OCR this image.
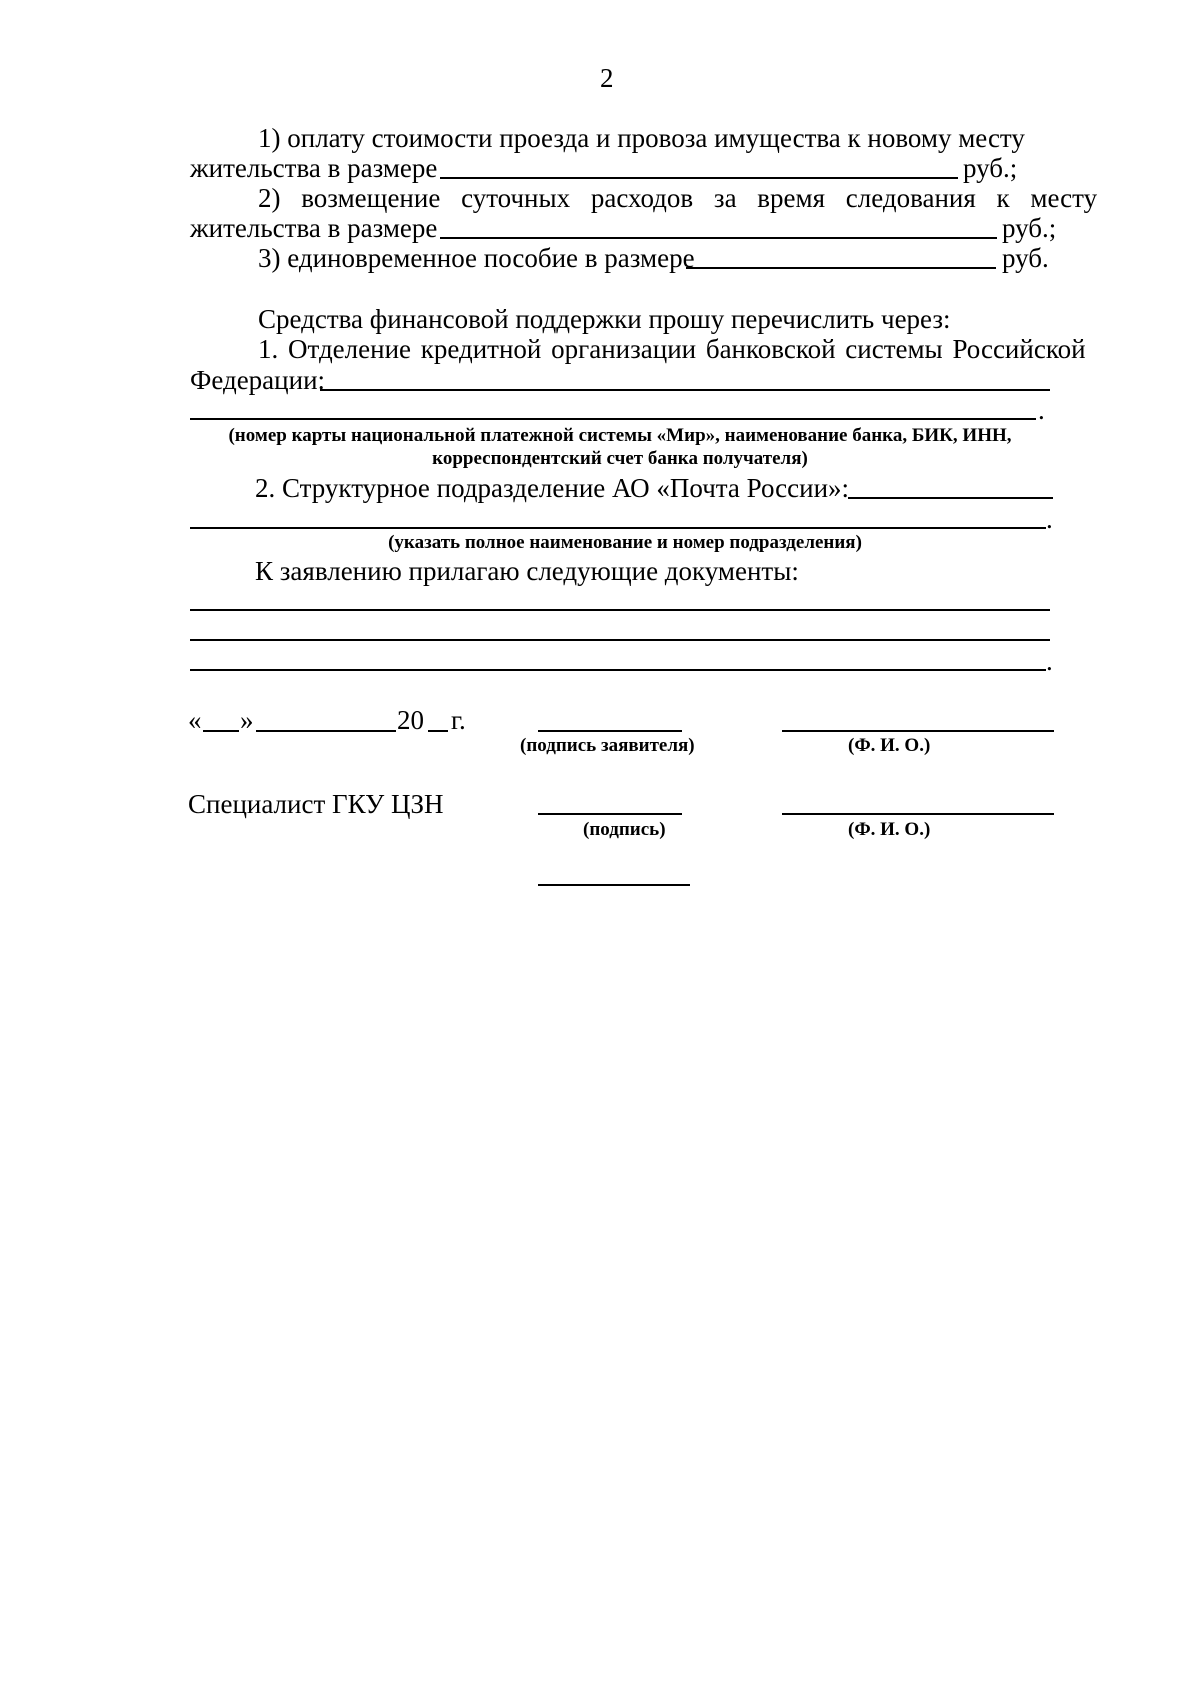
2
1) оплату стоимости проезда и провоза имущества к новому месту
жительства в размере	руб.;
2) возмещение суточных расходов за время следования к месту
жительства в размере	руб.;
3) единовременное пособие в размере	руб.
Средства финансовой поддержки прошу перечислить через:
1. Отделение кредитной организации банковской системы Российской
Федерации:
.
(номер карты национальной платежной системы «Мир», наименование банка, БИК, ИНН,
корреспондентский счет банка получателя)
2. Структурное подразделение АО «Почта России»:
.
(указать полное наименование и номер подразделения)
К заявлению прилагаю следующие документы:
.
« »	20 г.
(подпись заявителя)	(Ф. И. О.)
Специалист ГКУ ЦЗН
(подпись)	(Ф. И. О.)
